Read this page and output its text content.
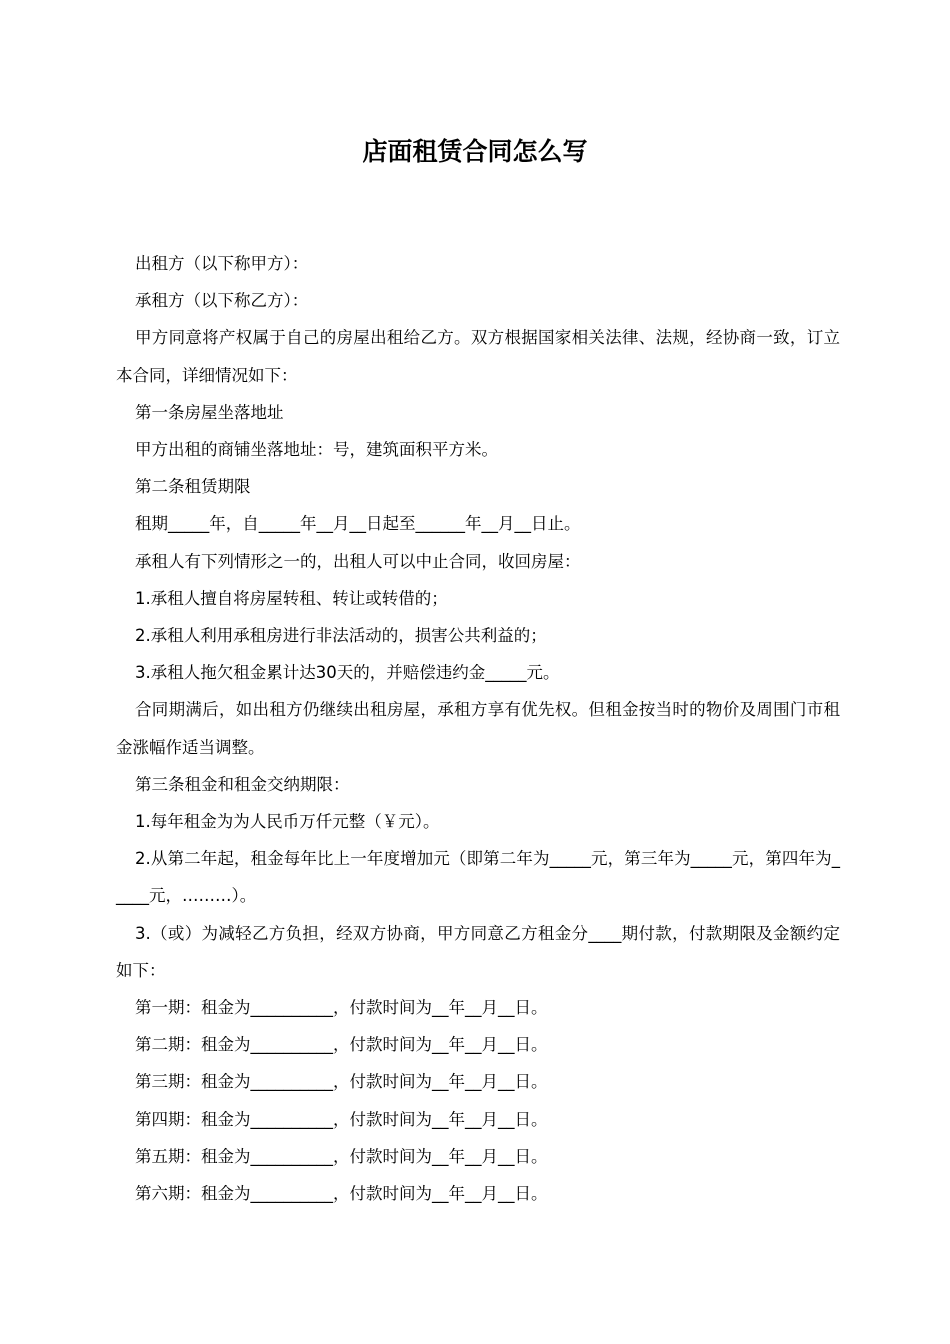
店面租赁合同怎么写

出租方（以下称甲方）：

承租方（以下称乙方）：

甲方同意将产权属于自己的房屋出租给乙方。双方根据国家相关法律、法规，经协商一致，订立本合同，详细情况如下：

第一条房屋坐落地址

甲方出租的商铺坐落地址：号，建筑面积平方米。

第二条租赁期限

租期_____年，自_____年__月__日起至______年__月__日止。

承租人有下列情形之一的，出租人可以中止合同，收回房屋：

1.承租人擅自将房屋转租、转让或转借的；

2.承租人利用承租房进行非法活动的，损害公共利益的；

3.承租人拖欠租金累计达30天的，并赔偿违约金_____元。

合同期满后，如出租方仍继续出租房屋，承租方享有优先权。但租金按当时的物价及周围门市租金涨幅作适当调整。

第三条租金和租金交纳期限：

1.每年租金为为人民币万仟元整（￥元）。

2.从第二年起，租金每年比上一年度增加元（即第二年为_____元，第三年为_____元，第四年为_____元，………）。

3.（或）为减轻乙方负担，经双方协商，甲方同意乙方租金分____期付款，付款期限及金额约定如下：

第一期：租金为__________，付款时间为__年__月__日。

第二期：租金为__________，付款时间为__年__月__日。

第三期：租金为__________，付款时间为__年__月__日。

第四期：租金为__________，付款时间为__年__月__日。

第五期：租金为__________，付款时间为__年__月__日。

第六期：租金为__________，付款时间为__年__月__日。
